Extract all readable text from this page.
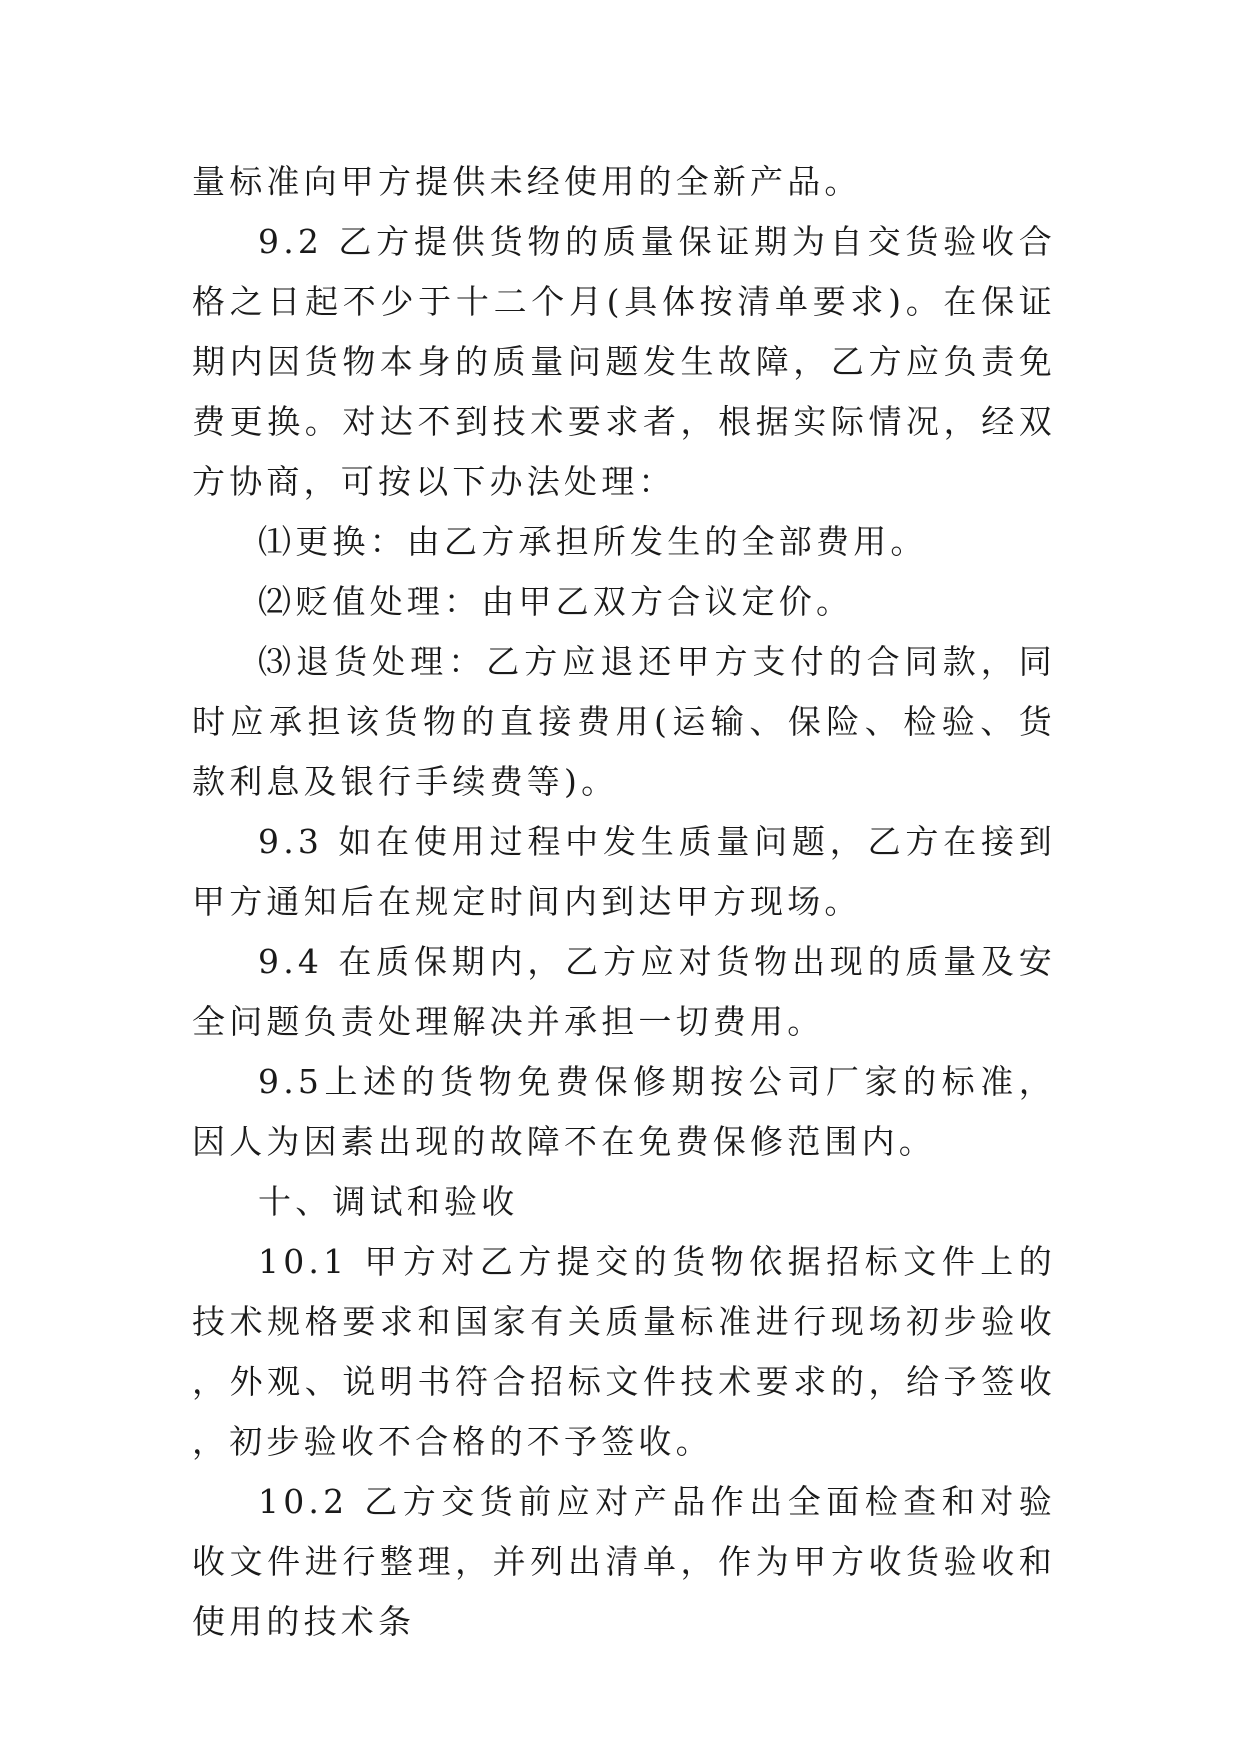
量标准向甲方提供未经使用的全新产品。

9.2 乙方提供货物的质量保证期为自交货验收合格之日起不少于十二个月(具体按清单要求)。在保证期内因货物本身的质量问题发生故障，乙方应负责免费更换。对达不到技术要求者，根据实际情况，经双方协商，可按以下办法处理：

⑴更换：由乙方承担所发生的全部费用。

⑵贬值处理：由甲乙双方合议定价。

⑶退货处理：乙方应退还甲方支付的合同款，同时应承担该货物的直接费用(运输、保险、检验、货款利息及银行手续费等)。

9.3 如在使用过程中发生质量问题，乙方在接到甲方通知后在规定时间内到达甲方现场。

9.4 在质保期内，乙方应对货物出现的质量及安全问题负责处理解决并承担一切费用。

9.5上述的货物免费保修期按公司厂家的标准，因人为因素出现的故障不在免费保修范围内。

十、调试和验收

10.1 甲方对乙方提交的货物依据招标文件上的技术规格要求和国家有关质量标准进行现场初步验收，外观、说明书符合招标文件技术要求的，给予签收，初步验收不合格的不予签收。

10.2 乙方交货前应对产品作出全面检查和对验收文件进行整理，并列出清单，作为甲方收货验收和使用的技术条
